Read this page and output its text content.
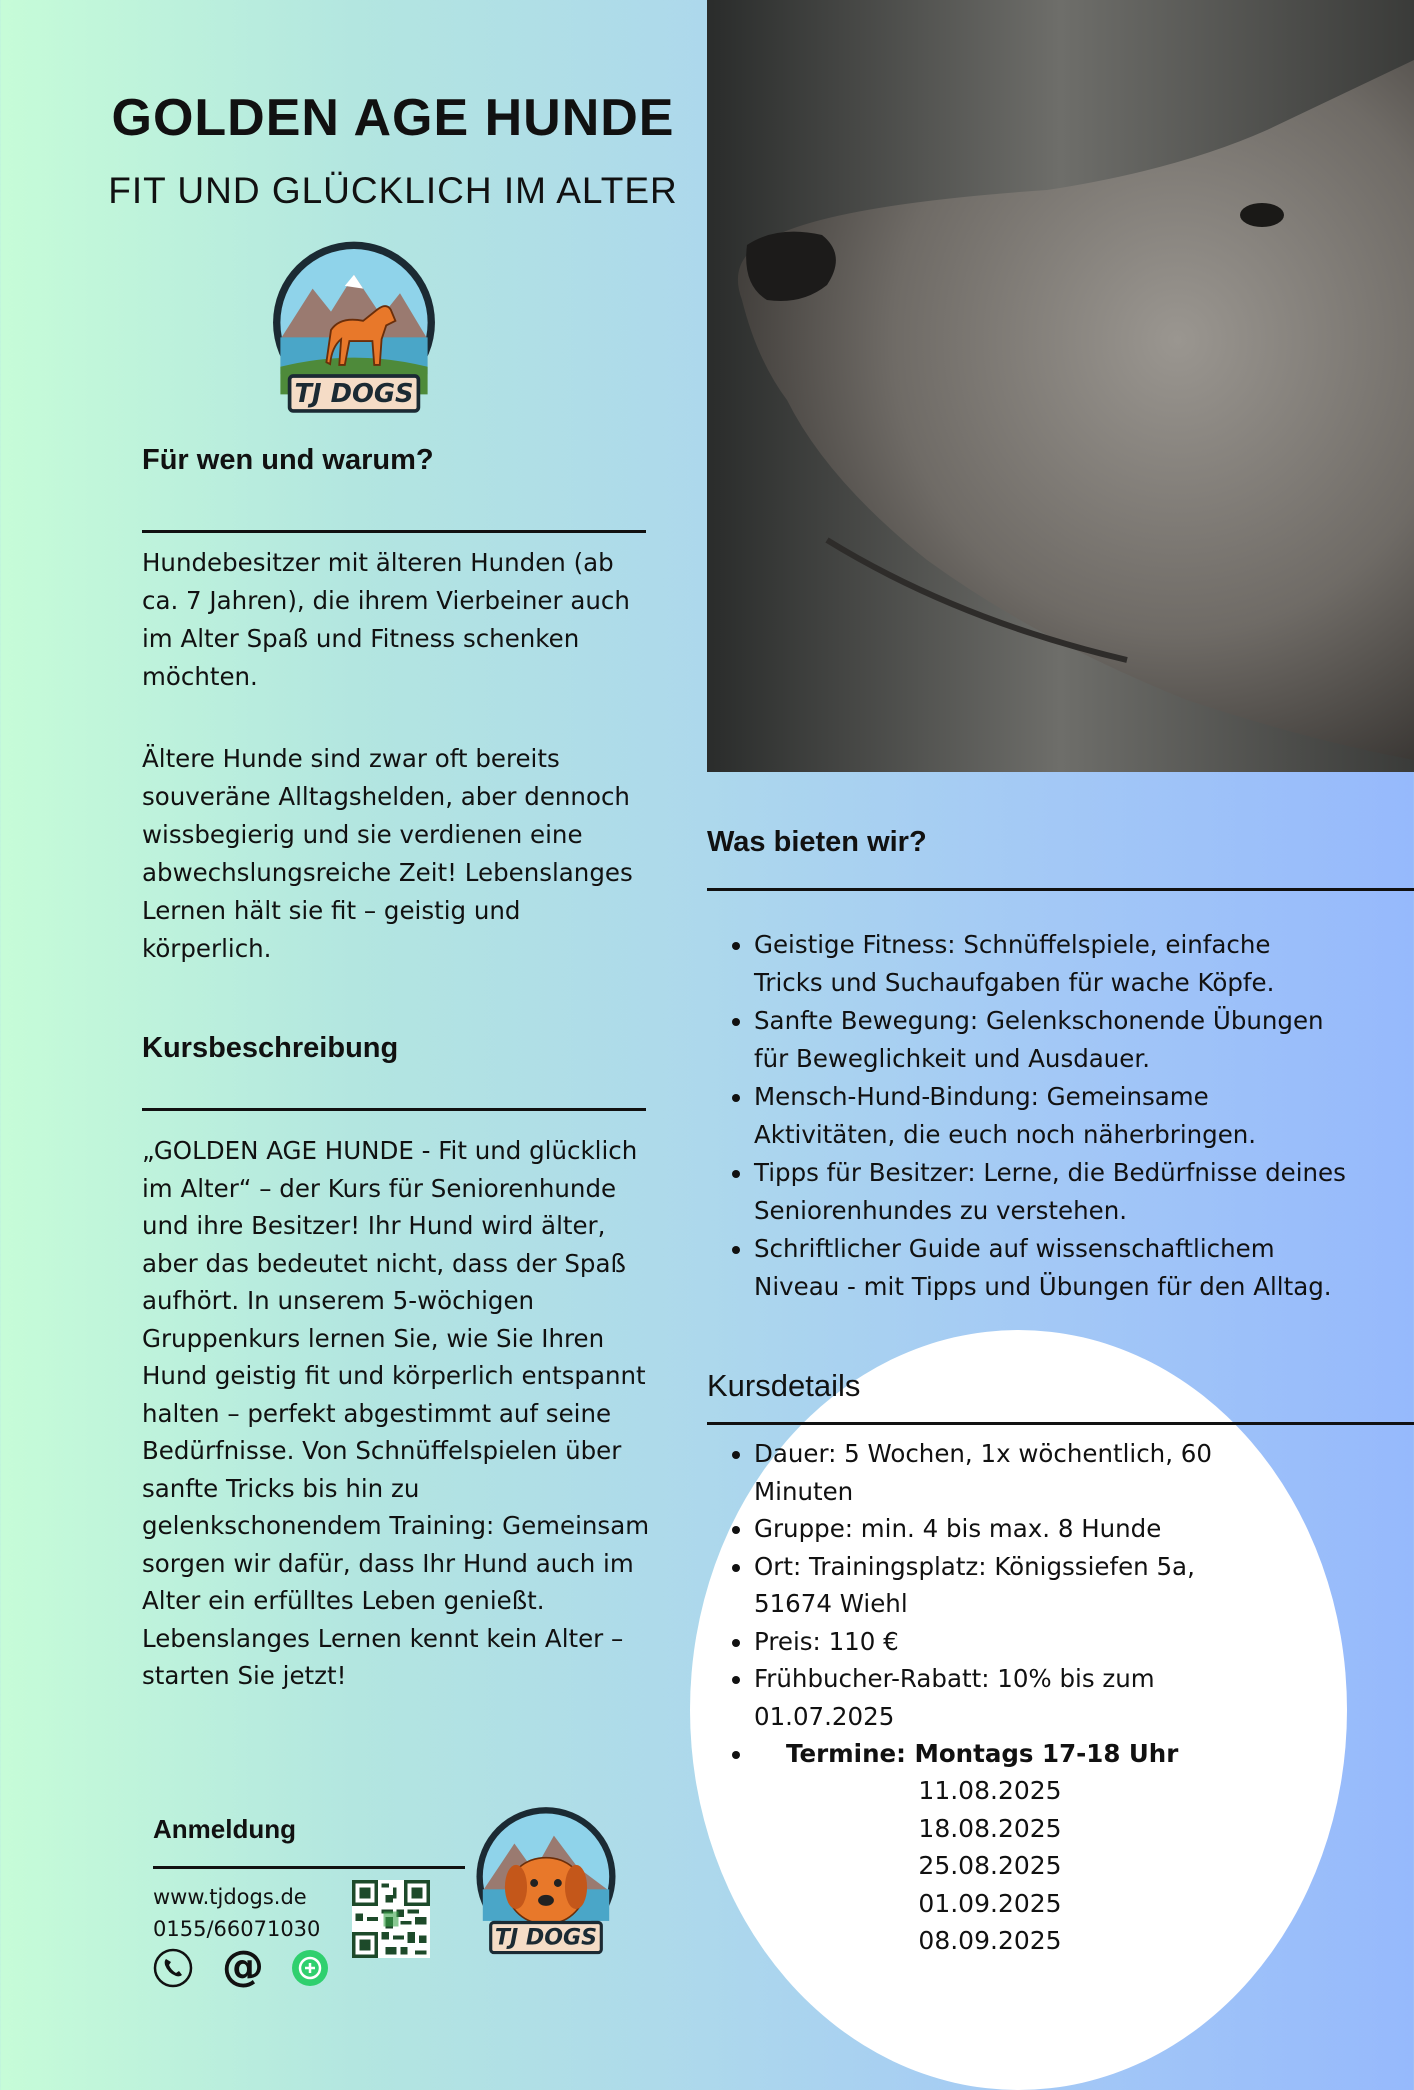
GOLDEN AGE HUNDE
FIT UND GLÜCKLICH IM ALTER
TJ DOGS
Für wen und warum?
Hundebesitzer mit älteren Hunden (ab
ca. 7 Jahren), die ihrem Vierbeiner auch
im Alter Spaß und Fitness schenken
möchten.
Ältere Hunde sind zwar oft bereits
souveräne Alltagshelden, aber dennoch
wissbegierig und sie verdienen eine
abwechslungsreiche Zeit! Lebenslanges
Lernen hält sie fit – geistig und
körperlich.
Kursbeschreibung
„GOLDEN AGE HUNDE - Fit und glücklich
im Alter“ – der Kurs für Seniorenhunde
und ihre Besitzer! Ihr Hund wird älter,
aber das bedeutet nicht, dass der Spaß
aufhört. In unserem 5-wöchigen
Gruppenkurs lernen Sie, wie Sie Ihren
Hund geistig fit und körperlich entspannt
halten – perfekt abgestimmt auf seine
Bedürfnisse. Von Schnüffelspielen über
sanfte Tricks bis hin zu
gelenkschonendem Training: Gemeinsam
sorgen wir dafür, dass Ihr Hund auch im
Alter ein erfülltes Leben genießt.
Lebenslanges Lernen kennt kein Alter –
starten Sie jetzt!
Was bieten wir?
• Geistige Fitness: Schnüffelspiele, einfache
Tricks und Suchaufgaben für wache Köpfe.
• Sanfte Bewegung: Gelenkschonende Übungen
für Beweglichkeit und Ausdauer.
• Mensch-Hund-Bindung: Gemeinsame
Aktivitäten, die euch noch näherbringen.
• Tipps für Besitzer: Lerne, die Bedürfnisse deines
Seniorenhundes zu verstehen.
• Schriftlicher Guide auf wissenschaftlichem
Niveau - mit Tipps und Übungen für den Alltag.
Kursdetails
• Dauer: 5 Wochen, 1x wöchentlich, 60
Minuten
• Gruppe: min. 4 bis max. 8 Hunde
• Ort: Trainingsplatz: Königssiefen 5a,
51674 Wiehl
• Preis: 110 €
• Frühbucher-Rabatt: 10% bis zum
01.07.2025
• Termine: Montags 17-18 Uhr
11.08.2025
18.08.2025
25.08.2025
01.09.2025
08.09.2025
Anmeldung
www.tjdogs.de
0155/66071030	TJ DOGS
@
